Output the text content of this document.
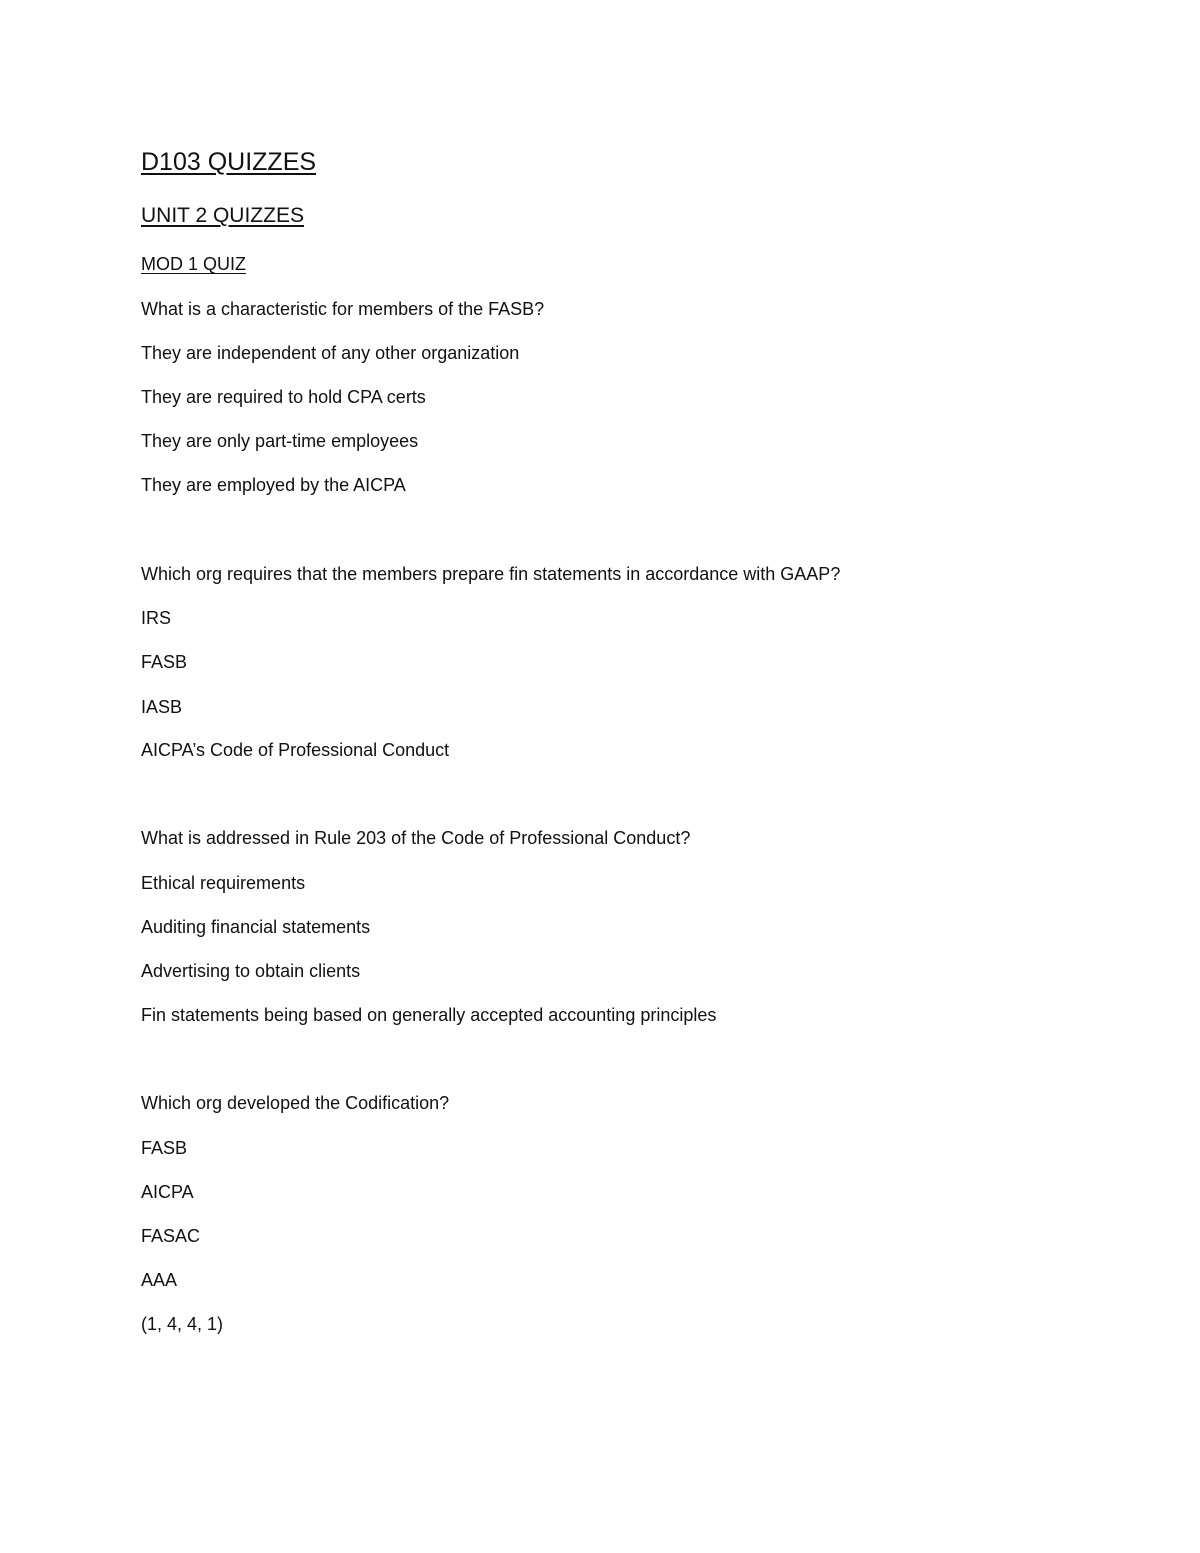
D103 QUIZZES
UNIT 2 QUIZZES
MOD 1 QUIZ
What is a characteristic for members of the FASB?
They are independent of any other organization
They are required to hold CPA certs
They are only part-time employees
They are employed by the AICPA
Which org requires that the members prepare fin statements in accordance with GAAP?
IRS
FASB
IASB
AICPA’s Code of Professional Conduct
What is addressed in Rule 203 of the Code of Professional Conduct?
Ethical requirements
Auditing financial statements
Advertising to obtain clients
Fin statements being based on generally accepted accounting principles
Which org developed the Codification?
FASB
AICPA
FASAC
AAA
(1, 4, 4, 1)
